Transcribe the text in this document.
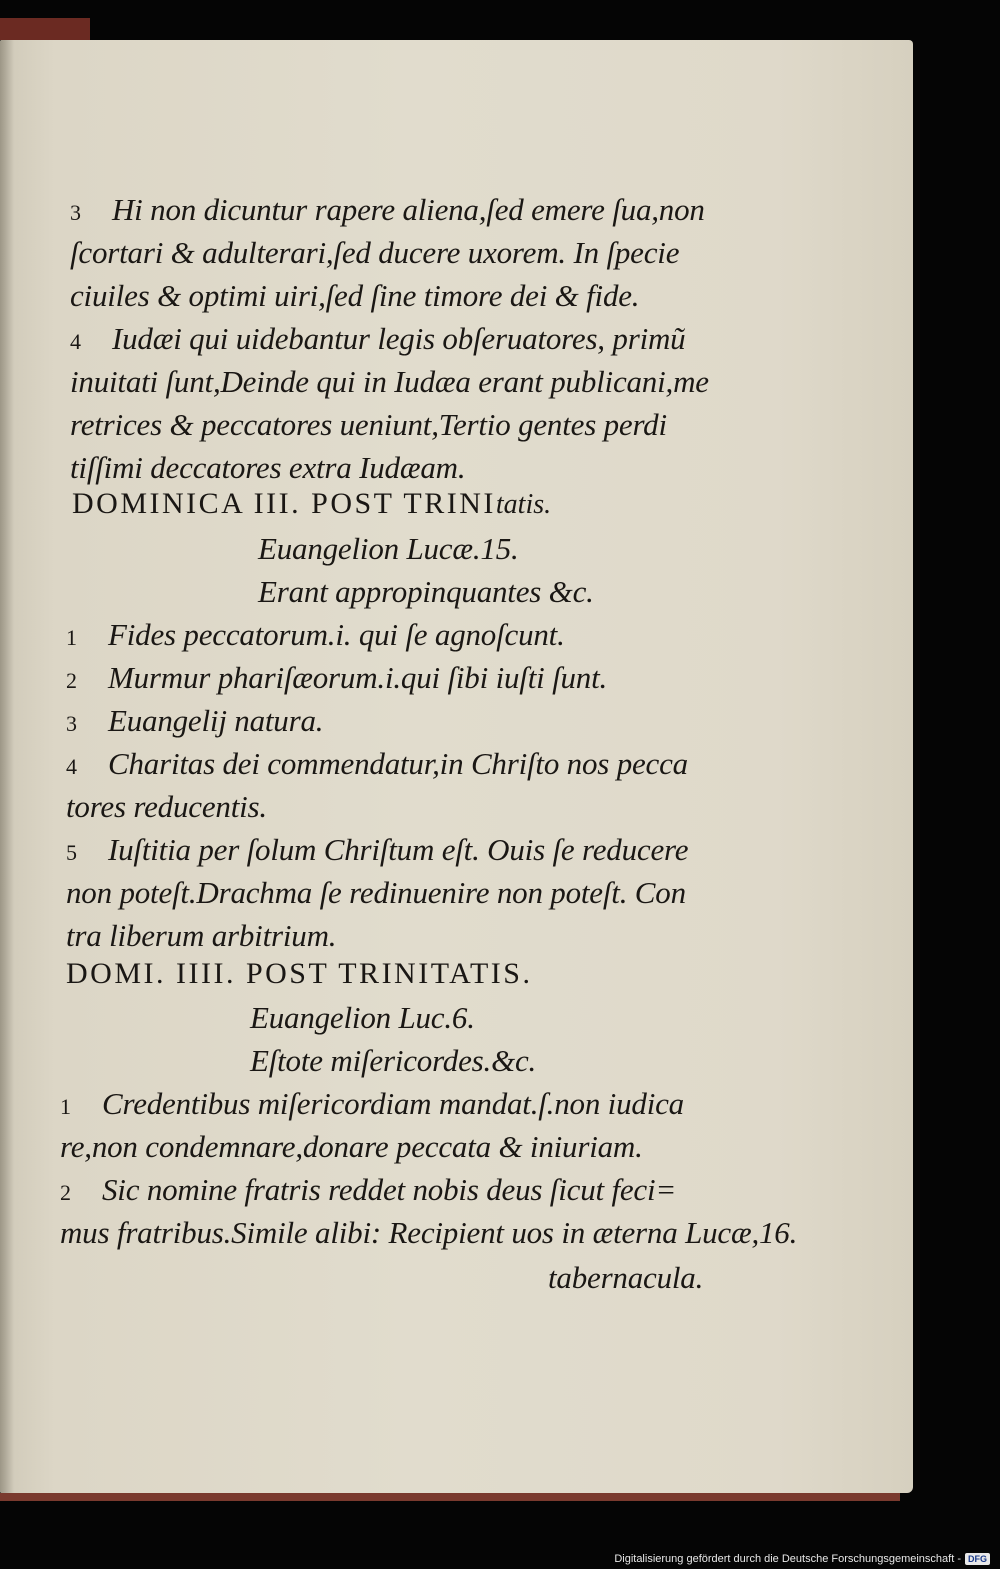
3 Hi non dicuntur rapere aliena,ſed emere ſua,non
ſcortari & adulterari,ſed ducere uxorem. In ſpecie
ciuiles & optimi uiri,ſed ſine timore dei & fide.
4 Iudæi qui uidebantur legis obſeruatores, primũ
inuitati ſunt,Deinde qui in Iudæa erant publicani,me
retrices & peccatores ueniunt,Tertio gentes perdi
tiſſimi deccatores extra Iudæam.
DOMINICA III. POST TRINItatis.
Euangelion Lucæ.15.
Erant appropinquantes &c.
1 Fides peccatorum.i. qui ſe agnoſcunt.
2 Murmur phariſæorum.i.qui ſibi iuſti ſunt.
3 Euangelij natura.
4 Charitas dei commendatur,in Chriſto nos pecca
tores reducentis.
5 Iuſtitia per ſolum Chriſtum eſt. Ouis ſe reducere
non poteſt.Drachma ſe redinuenire non poteſt. Con
tra liberum arbitrium.
DOMI. IIII. POST TRINITATIS.
Euangelion Luc.6.
Eſtote miſericordes.&c.
1 Credentibus miſericordiam mandat.ſ.non iudica
re,non condemnare,donare peccata & iniuriam.
2 Sic nomine fratris reddet nobis deus ſicut feci=
mus fratribus.Simile alibi: Recipient uos in æterna Lucæ,16.
tabernacula.
Digitalisierung gefördert durch die Deutsche Forschungsgemeinschaft - DFG
